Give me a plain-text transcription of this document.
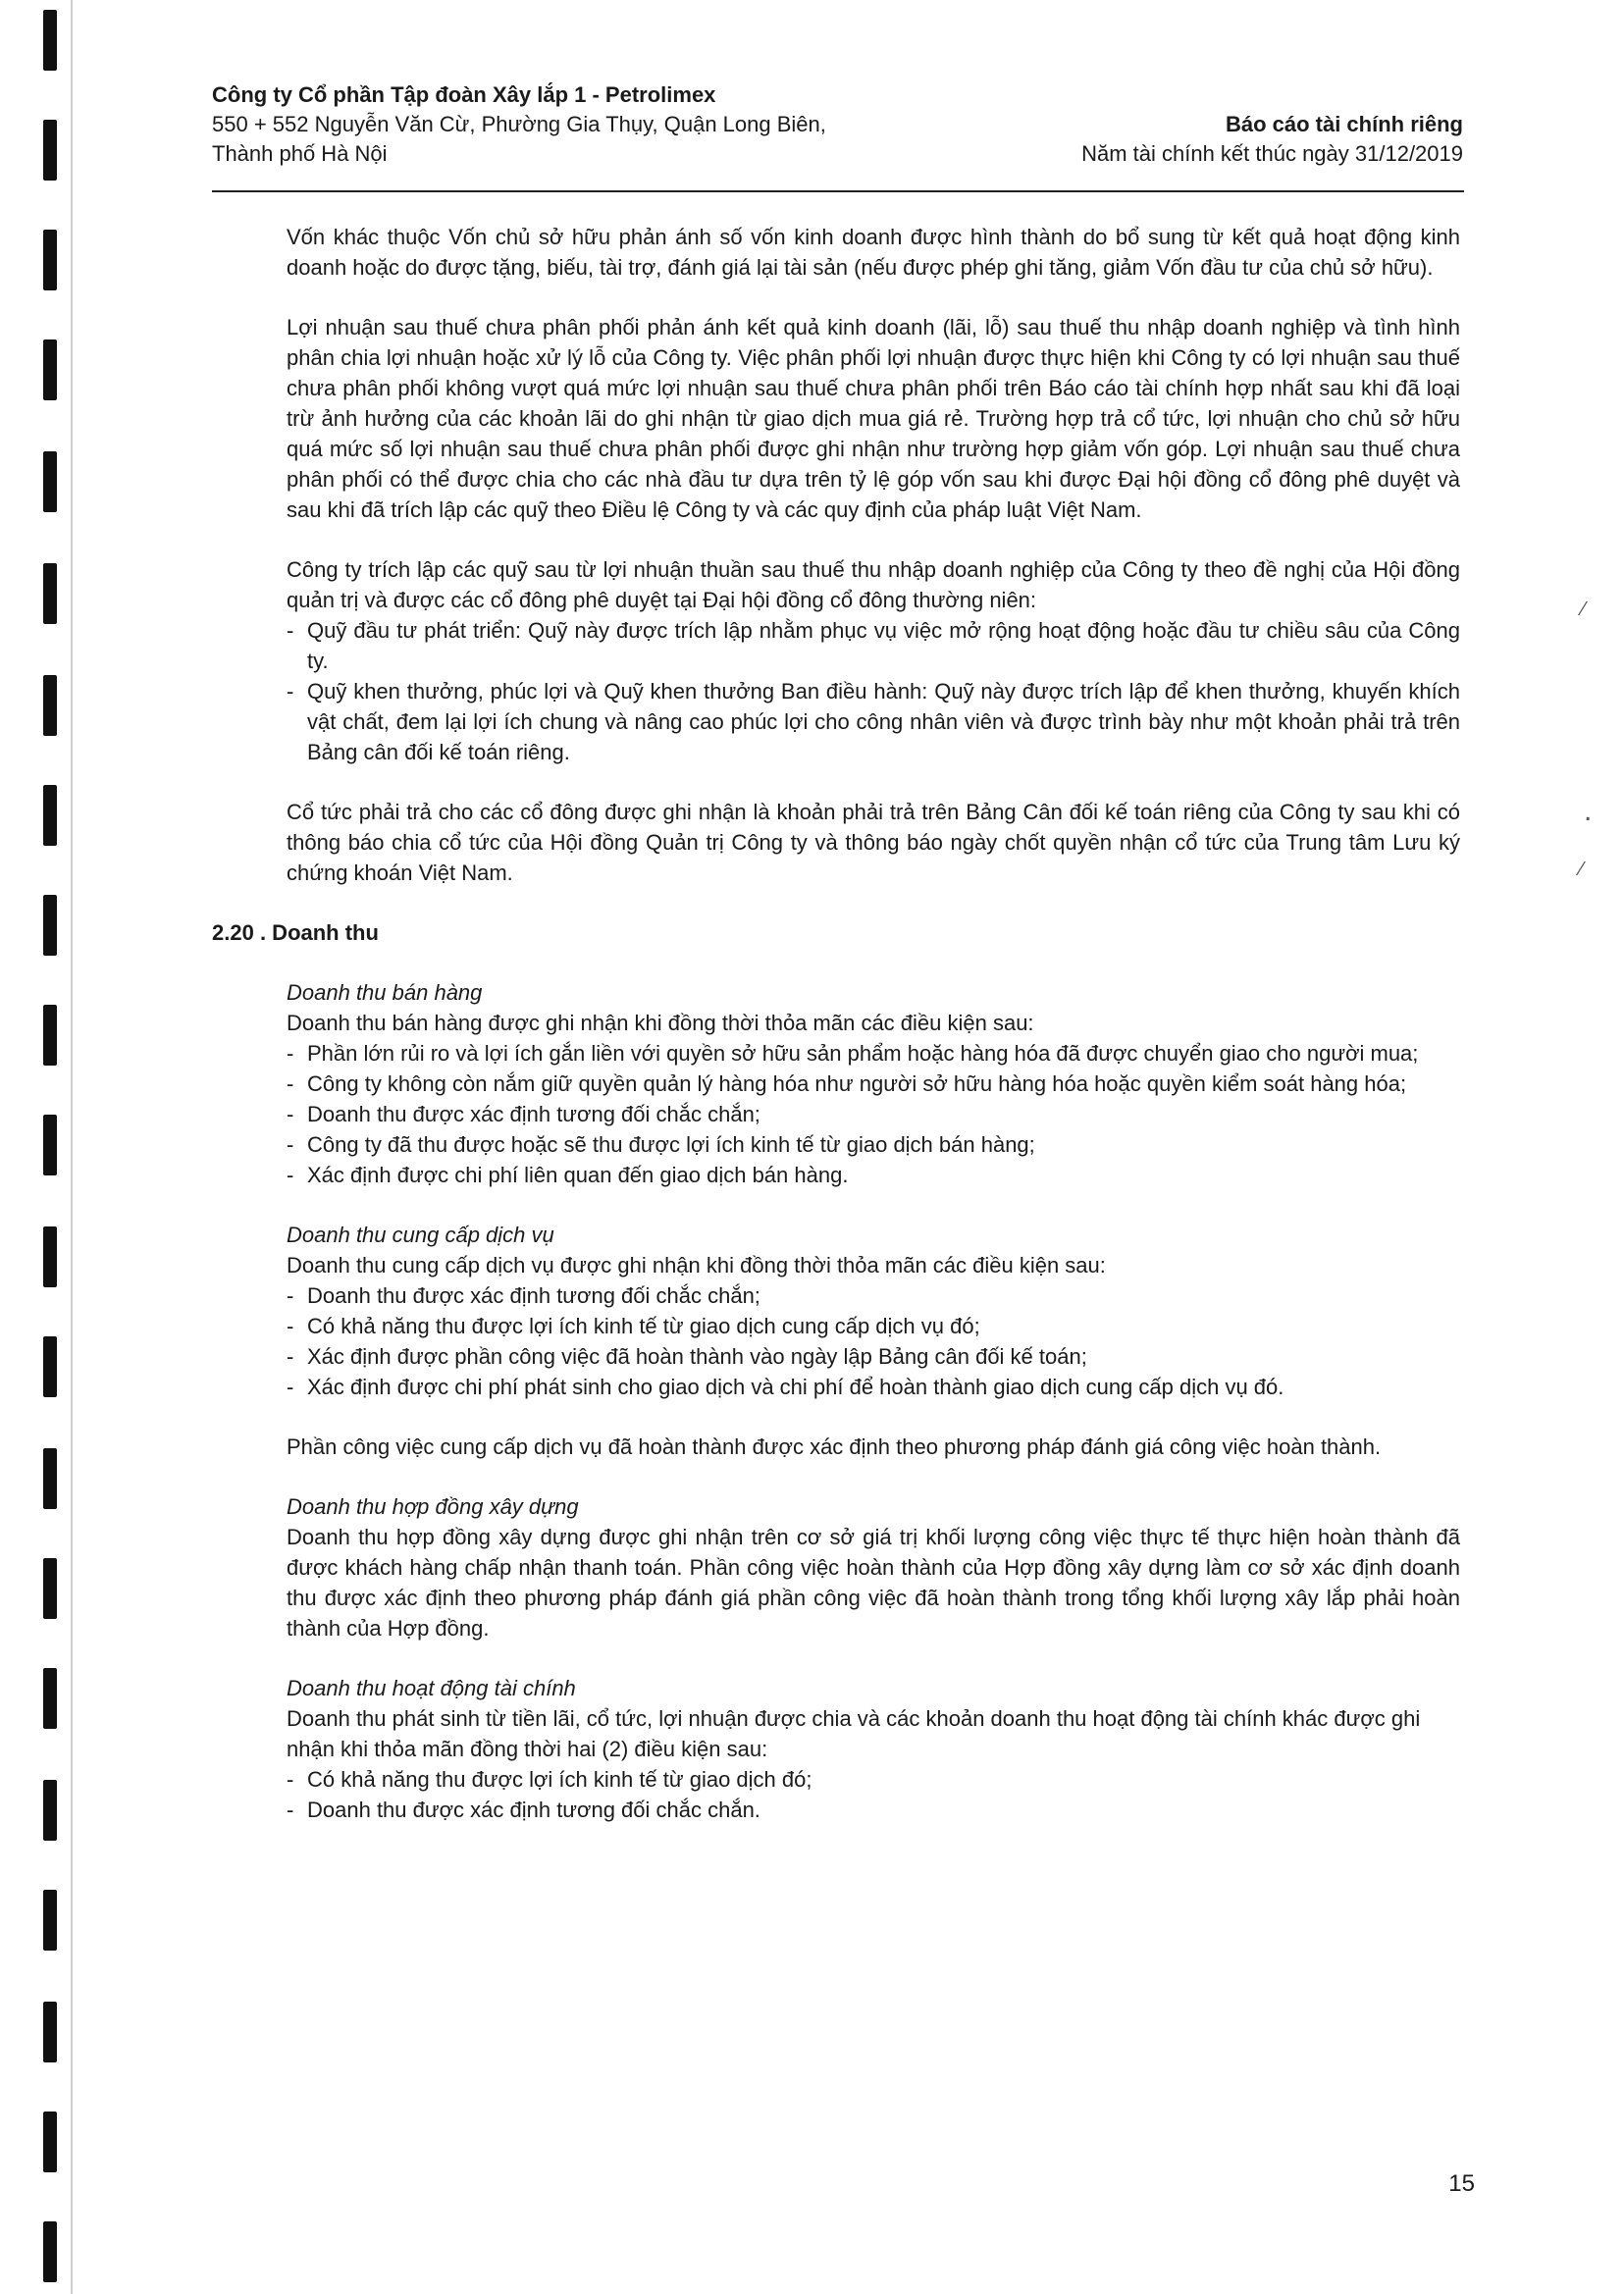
Công ty Cổ phần Tập đoàn Xây lắp 1 - Petrolimex
550 + 552 Nguyễn Văn Cừ, Phường Gia Thụy, Quận Long Biên,
Thành phố Hà Nội
Báo cáo tài chính riêng
Năm tài chính kết thúc ngày 31/12/2019

Vốn khác thuộc Vốn chủ sở hữu phản ánh số vốn kinh doanh được hình thành do bổ sung từ kết quả hoạt động kinh doanh hoặc do được tặng, biếu, tài trợ, đánh giá lại tài sản (nếu được phép ghi tăng, giảm Vốn đầu tư của chủ sở hữu).

Lợi nhuận sau thuế chưa phân phối phản ánh kết quả kinh doanh (lãi, lỗ) sau thuế thu nhập doanh nghiệp và tình hình phân chia lợi nhuận hoặc xử lý lỗ của Công ty. Việc phân phối lợi nhuận được thực hiện khi Công ty có lợi nhuận sau thuế chưa phân phối không vượt quá mức lợi nhuận sau thuế chưa phân phối trên Báo cáo tài chính hợp nhất sau khi đã loại trừ ảnh hưởng của các khoản lãi do ghi nhận từ giao dịch mua giá rẻ. Trường hợp trả cổ tức, lợi nhuận cho chủ sở hữu quá mức số lợi nhuận sau thuế chưa phân phối được ghi nhận như trường hợp giảm vốn góp. Lợi nhuận sau thuế chưa phân phối có thể được chia cho các nhà đầu tư dựa trên tỷ lệ góp vốn sau khi được Đại hội đồng cổ đông phê duyệt và sau khi đã trích lập các quỹ theo Điều lệ Công ty và các quy định của pháp luật Việt Nam.

Công ty trích lập các quỹ sau từ lợi nhuận thuần sau thuế thu nhập doanh nghiệp của Công ty theo đề nghị của Hội đồng quản trị và được các cổ đông phê duyệt tại Đại hội đồng cổ đông thường niên:

- Quỹ đầu tư phát triển: Quỹ này được trích lập nhằm phục vụ việc mở rộng hoạt động hoặc đầu tư chiều sâu của Công ty.
- Quỹ khen thưởng, phúc lợi và Quỹ khen thưởng Ban điều hành: Quỹ này được trích lập để khen thưởng, khuyến khích vật chất, đem lại lợi ích chung và nâng cao phúc lợi cho công nhân viên và được trình bày như một khoản phải trả trên Bảng cân đối kế toán riêng.

Cổ tức phải trả cho các cổ đông được ghi nhận là khoản phải trả trên Bảng Cân đối kế toán riêng của Công ty sau khi có thông báo chia cổ tức của Hội đồng Quản trị Công ty và thông báo ngày chốt quyền nhận cổ tức của Trung tâm Lưu ký chứng khoán Việt Nam.

2.20 . Doanh thu
Doanh thu bán hàng
Doanh thu bán hàng được ghi nhận khi đồng thời thỏa mãn các điều kiện sau:
- Phần lớn rủi ro và lợi ích gắn liền với quyền sở hữu sản phẩm hoặc hàng hóa đã được chuyển giao cho người mua;
- Công ty không còn nắm giữ quyền quản lý hàng hóa như người sở hữu hàng hóa hoặc quyền kiểm soát hàng hóa;
- Doanh thu được xác định tương đối chắc chắn;
- Công ty đã thu được hoặc sẽ thu được lợi ích kinh tế từ giao dịch bán hàng;
- Xác định được chi phí liên quan đến giao dịch bán hàng.
Doanh thu cung cấp dịch vụ
Doanh thu cung cấp dịch vụ được ghi nhận khi đồng thời thỏa mãn các điều kiện sau:
- Doanh thu được xác định tương đối chắc chắn;
- Có khả năng thu được lợi ích kinh tế từ giao dịch cung cấp dịch vụ đó;
- Xác định được phần công việc đã hoàn thành vào ngày lập Bảng cân đối kế toán;
- Xác định được chi phí phát sinh cho giao dịch và chi phí để hoàn thành giao dịch cung cấp dịch vụ đó.

Phần công việc cung cấp dịch vụ đã hoàn thành được xác định theo phương pháp đánh giá công việc hoàn thành.

Doanh thu hợp đồng xây dựng

Doanh thu hợp đồng xây dựng được ghi nhận trên cơ sở giá trị khối lượng công việc thực tế thực hiện hoàn thành đã được khách hàng chấp nhận thanh toán. Phần công việc hoàn thành của Hợp đồng xây dựng làm cơ sở xác định doanh thu được xác định theo phương pháp đánh giá phần công việc đã hoàn thành trong tổng khối lượng xây lắp phải hoàn thành của Hợp đồng.

Doanh thu hoạt động tài chính
Doanh thu phát sinh từ tiền lãi, cổ tức, lợi nhuận được chia và các khoản doanh thu hoạt động tài chính khác được ghi nhận khi thỏa mãn đồng thời hai (2) điều kiện sau:
- Có khả năng thu được lợi ích kinh tế từ giao dịch đó;
- Doanh thu được xác định tương đối chắc chắn.
⁄
.
⁄
15
